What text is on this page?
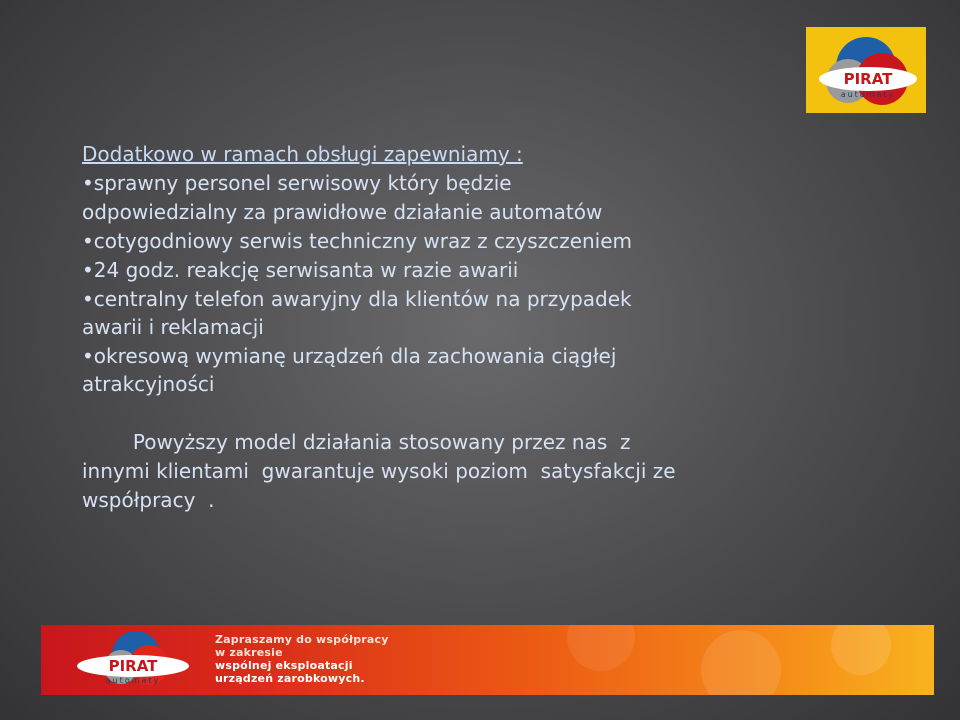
PIRAT
automaty

Dodatkowo w ramach obsługi zapewniamy :

•sprawny personel serwisowy który będzie

odpowiedzialny za prawidłowe działanie automatów

•cotygodniowy serwis techniczny wraz z czyszczeniem

•24 godz. reakcję serwisanta w razie awarii

•centralny telefon awaryjny dla klientów na przypadek

awarii i reklamacji

•okresową wymianę urządzeń dla zachowania ciągłej

atrakcyjności

Powyższy model działania stosowany przez nas  z

innymi klientami  gwarantuje wysoki poziom  satysfakcji ze

współpracy  .

PIRAT
automaty

Zapraszamy do współpracy

w zakresie

wspólnej eksploatacji

urządzeń zarobkowych.
